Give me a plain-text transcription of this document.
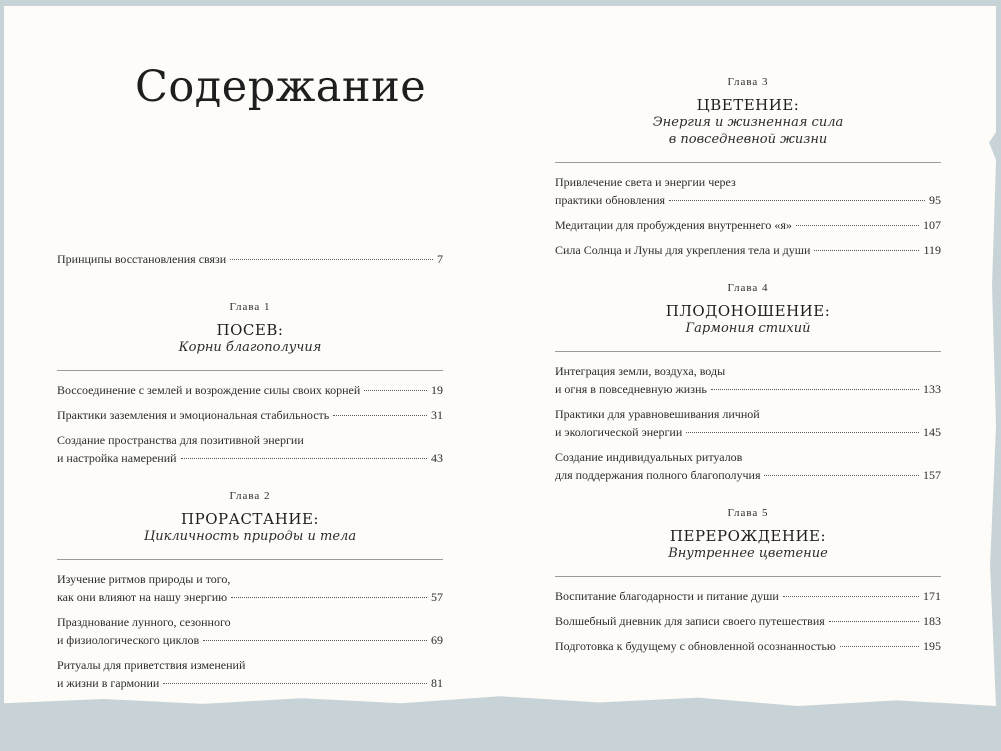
Содержание

Принципы восстановления связи	7

Глава 1
ПОСЕВ:
Корни благополучия

Воссоединение с землей и возрождение силы своих корней	19

Практики заземления и эмоциональная стабильность	31

Создание пространства для позитивной энергии
и настройка намерений	43

Глава 2
ПРОРАСТАНИЕ:
Цикличность природы и тела

Изучение ритмов природы и того,
как они влияют на нашу энергию	57

Празднование лунного, сезонного
и физиологического циклов	69

Ритуалы для приветствия изменений
и жизни в гармонии	81

Глава 3
ЦВЕТЕНИЕ:
Энергия и жизненная сила
в повседневной жизни

Привлечение света и энергии через
практики обновления	95

Медитации для пробуждения внутреннего «я»	107

Сила Солнца и Луны для укрепления тела и души	119

Глава 4
ПЛОДОНОШЕНИЕ:
Гармония стихий

Интеграция земли, воздуха, воды
и огня в повседневную жизнь	133

Практики для уравновешивания личной
и экологической энергии	145

Создание индивидуальных ритуалов
для поддержания полного благополучия	157

Глава 5
ПЕРЕРОЖДЕНИЕ:
Внутреннее цветение

Воспитание благодарности и питание души	171

Волшебный дневник для записи своего путешествия	183

Подготовка к будущему с обновленной осознанностью	195
